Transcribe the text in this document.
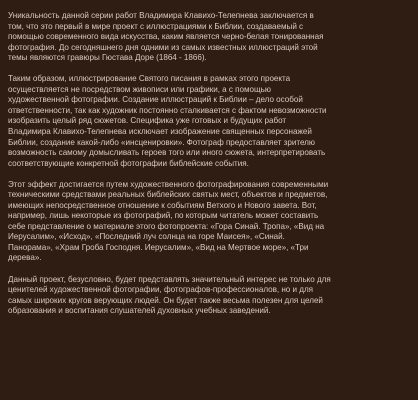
Уникальность данной серии работ Владимира Клавихо-Телепнева заключается в
том, что это первый в мире проект с иллюстрациями к Библии, создаваемый с
помощью современного вида искусства, каким является черно-белая тонированная
фотография. До сегодняшнего дня одними из самых известных иллюстраций этой
темы являются гравюры Гюстава Доре (1864 - 1866).

Таким образом, иллюстрирование Святого писания в рамках этого проекта
осуществляется не посредством живописи или графики, а с помощью
художественной фотографии. Создание иллюстраций к Библии – дело особой
ответственности, так как художник постоянно сталкивается с фактом невозможности
изобразить целый ряд сюжетов. Специфика уже готовых и будущих работ
Владимира Клавихо-Телепнева исключает изображение священных персонажей
Библии, создание какой-либо «инсценировки». Фотограф предоставляет зрителю
возможность самому домысливать героев того или иного сюжета, интерпретировать
соответствующие конкретной фотографии библейские события.

Этот эффект достигается путем художественного фотографирования современными
техническими средствами реальных библейских святых мест, объектов и предметов,
имеющих непосредственное отношение к событиям Ветхого и Нового завета. Вот,
например, лишь некоторые из фотографий, по которым читатель может составить
себе представление о материале этого фотопроекта: «Гора Синай. Тропа», «Вид на
Иерусалим», «Исход», «Последний луч солнца на горе Маисея», «Синай.
Панорама», «Храм Гроба Господня. Иерусалим», «Вид на Мертвое море», «Три
дерева».

Данный проект, безусловно, будет представлять значительный интерес не только для
ценителей художественной фотографии, фотографов-профессионалов, но и для
самых широких кругов верующих людей. Он будет также весьма полезен для целей
образования и воспитания слушателей духовных учебных заведений.
